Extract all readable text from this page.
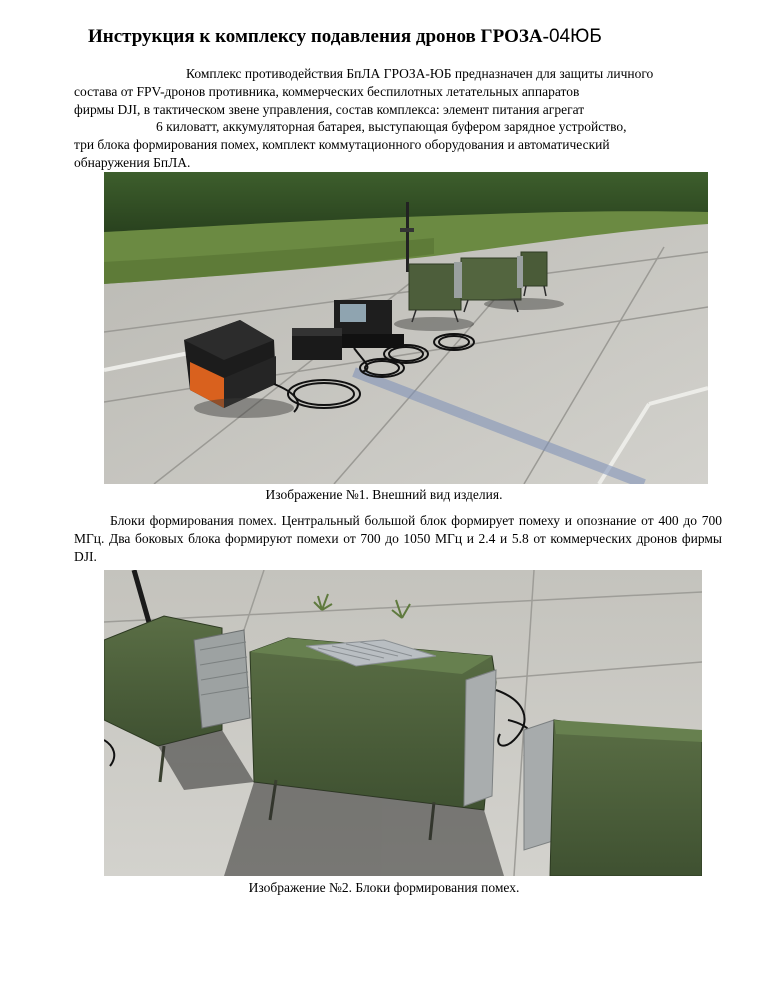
Инструкция к комплексу подавления дронов ГРОЗА-04ЮБ

Комплекс противодействия БпЛА ГРОЗА-ЮБ предназначен для защиты личного

состава от FPV-дронов противника, коммерческих беспилотных летательных аппаратов

фирмы DJI, в тактическом звене управления, состав комплекса: элемент питания агрегат

6 киловатт, аккумуляторная батарея, выступающая буфером зарядное устройство,

три блока формирования помех, комплект коммутационного оборудования и автоматический

обнаружения БпЛА.

Изображение №1. Внешний вид изделия.

Блоки формирования помех. Центральный большой блок формирует помеху и опознание от 400 до 700 МГц. Два боковых блока формируют помехи от 700 до 1050 МГц и 2.4 и 5.8 от коммерческих дронов фирмы DJI.

Изображение №2. Блоки формирования помех.
